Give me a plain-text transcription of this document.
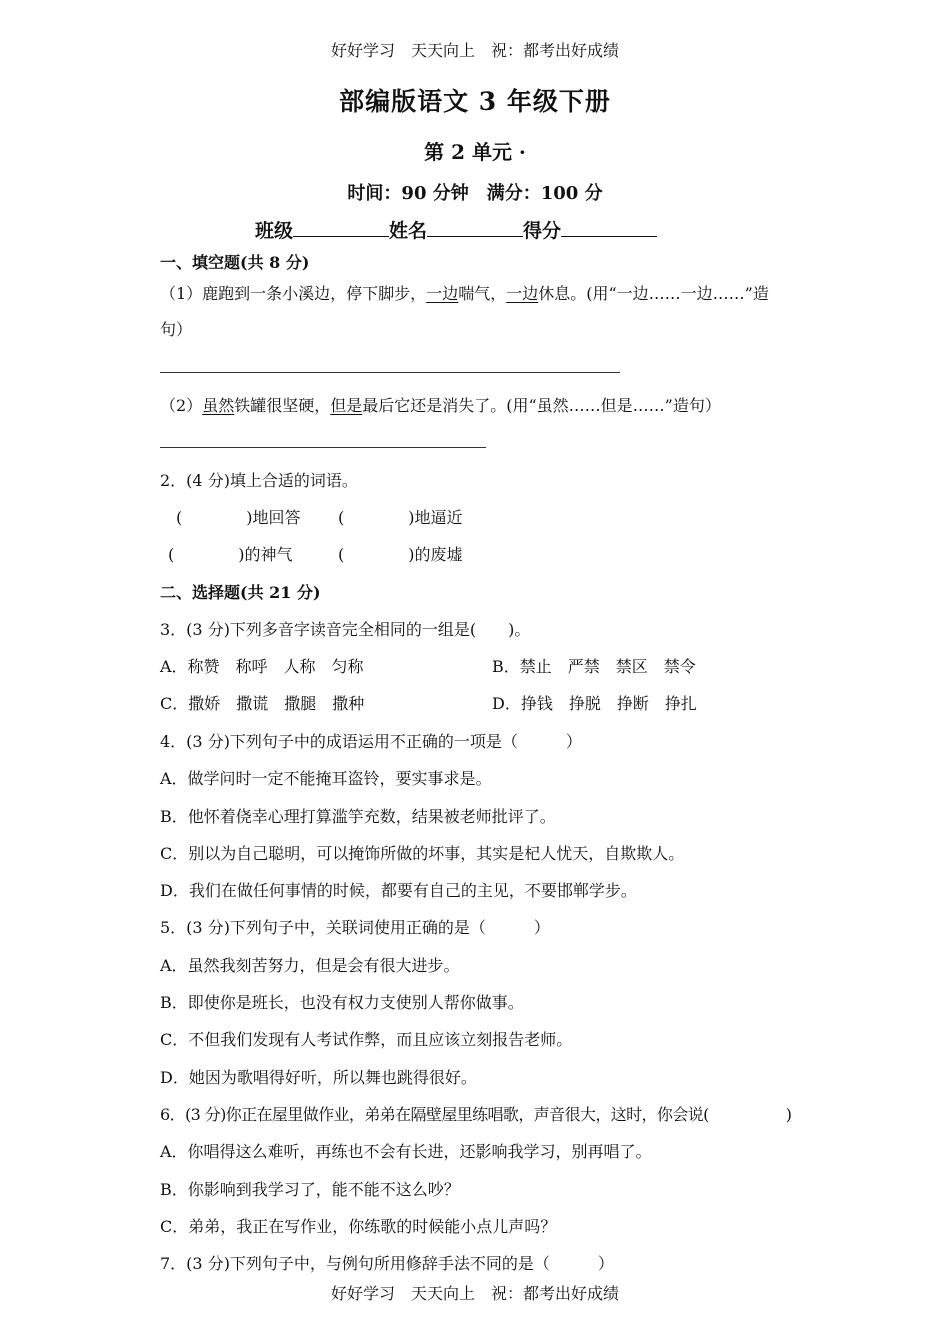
好好学习　天天向上　祝：都考出好成绩
部编版语文 3 年级下册
第 2 单元 ·
时间：90 分钟　满分：100 分
班级	姓名	得分
一、填空题(共 8 分)
（1）鹿跑到一条小溪边，停下脚步，一边喘气，一边休息。(用“一边……一边……”造
句）
（2）虽然铁罐很坚硬，但是最后它还是消失了。(用“虽然……但是……”造句）
2．(4 分)填上合适的词语。
(　　　　)地回答 (　　　　)地逼近
(　　　　)的神气	(　　　　)的废墟
二、选择题(共 21 分)
3．(3 分)下列多音字读音完全相同的一组是(　　)。
A．称赞　称呼　人称　匀称	B．禁止　严禁　禁区　禁令
C．撒娇　撒谎　撒腿　撒种	D．挣钱　挣脱　挣断　挣扎
4．(3 分)下列句子中的成语运用不正确的一项是（　　　）
A．做学问时一定不能掩耳盗铃，要实事求是。
B．他怀着侥幸心理打算滥竽充数，结果被老师批评了。
C．别以为自己聪明，可以掩饰所做的坏事，其实是杞人忧天，自欺欺人。
D．我们在做任何事情的时候，都要有自己的主见，不要邯郸学步。
5．(3 分)下列句子中，关联词使用正确的是（　　　）
A．虽然我刻苦努力，但是会有很大进步。
B．即使你是班长，也没有权力支使别人帮你做事。
C．不但我们发现有人考试作弊，而且应该立刻报告老师。
D．她因为歌唱得好听，所以舞也跳得很好。
6．(3 分)你正在屋里做作业，弟弟在隔壁屋里练唱歌，声音很大，这时，你会说(　　　　　)
A．你唱得这么难听，再练也不会有长进，还影响我学习，别再唱了。
B．你影响到我学习了，能不能不这么吵？
C．弟弟，我正在写作业，你练歌的时候能小点儿声吗？
7．(3 分)下列句子中，与例句所用修辞手法不同的是（　　　）
好好学习　天天向上　祝：都考出好成绩
